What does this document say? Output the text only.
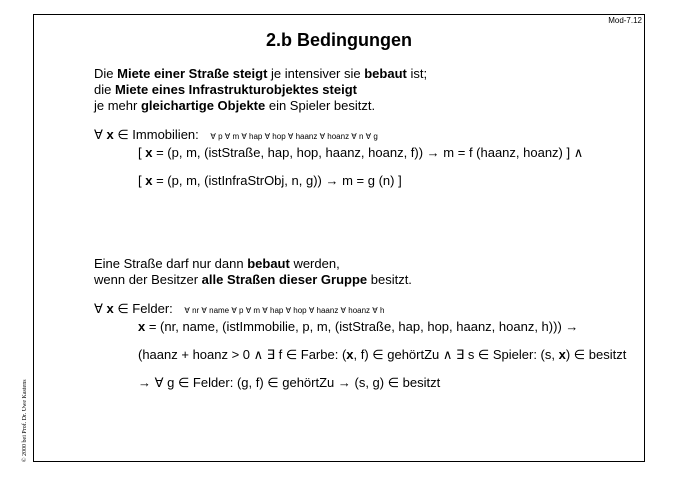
Mod-7.12
2.b Bedingungen
Die Miete einer Straße steigt je intensiver sie bebaut ist;
die Miete eines Infrastrukturobjektes steigt
je mehr gleichartige Objekte ein Spieler besitzt.
∀ x ∈ Immobilien: ∀ p ∀ m ∀ hap ∀ hop ∀ haanz ∀ hoanz ∀ n ∀ g
[ x = (p, m, (istStraße, hap, hop, haanz, hoanz, f)) → m = f (haanz, hoanz) ] ∧
[ x = (p, m, (istInfraStrObj, n, g)) → m = g (n) ]
Eine Straße darf nur dann bebaut werden,
wenn der Besitzer alle Straßen dieser Gruppe besitzt.
∀ x ∈ Felder: ∀ nr ∀ name ∀ p ∀ m ∀ hap ∀ hop ∀ haanz ∀ hoanz ∀ h
x = (nr, name, (istImmobilie, p, m, (istStraße, hap, hop, haanz, hoanz, h))) →
(haanz + hoanz > 0 ∧ ∃ f ∈ Farbe: (x, f) ∈ gehörtZu ∧ ∃ s ∈ Spieler: (s, x) ∈ besitzt
→ ∀ g ∈ Felder: (g, f) ∈ gehörtZu → (s, g) ∈ besitzt
© 2000 bei Prof. Dr. Uwe Kastens
